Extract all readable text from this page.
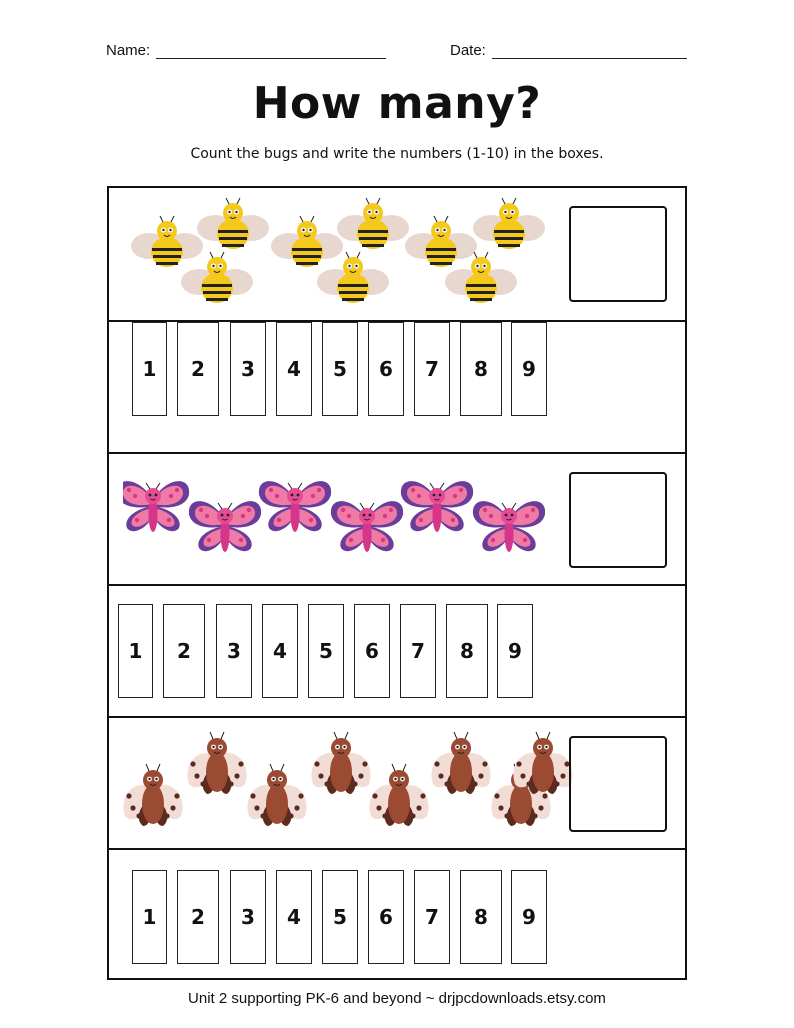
Name:	Date:
How many?
Count the bugs and write the numbers (1-10) in the boxes.
1	2	3	4	5	6	7	8	9
1	2	3	4	5	6	7	8	9
1	2	3	4	5	6	7	8	9
Unit 2 supporting PK-6 and beyond ~ drjpcdownloads.etsy.com
